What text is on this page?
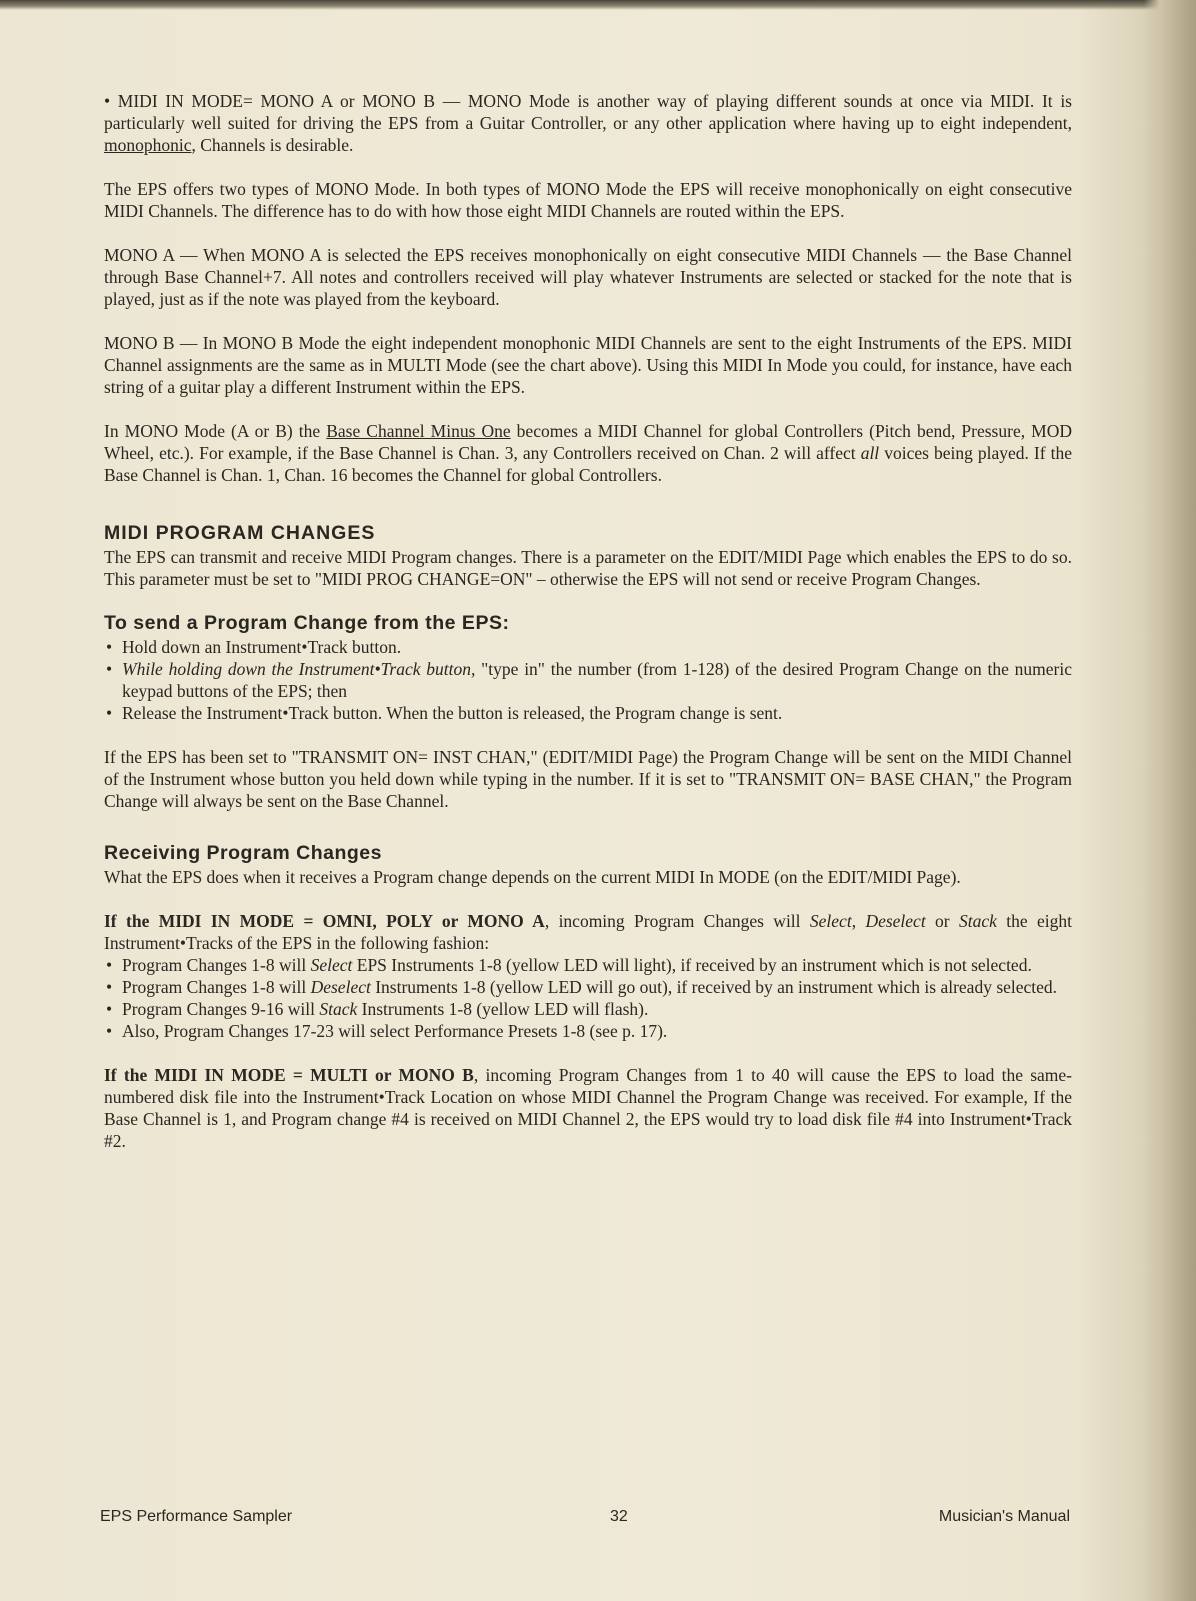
• MIDI IN MODE= MONO A or MONO B — MONO Mode is another way of playing different sounds at once via MIDI. It is particularly well suited for driving the EPS from a Guitar Controller, or any other application where having up to eight independent, monophonic, Channels is desirable.

The EPS offers two types of MONO Mode. In both types of MONO Mode the EPS will receive monophonically on eight consecutive MIDI Channels. The difference has to do with how those eight MIDI Channels are routed within the EPS.

MONO A — When MONO A is selected the EPS receives monophonically on eight consecutive MIDI Channels — the Base Channel through Base Channel+7. All notes and controllers received will play whatever Instruments are selected or stacked for the note that is played, just as if the note was played from the keyboard.

MONO B — In MONO B Mode the eight independent monophonic MIDI Channels are sent to the eight Instruments of the EPS. MIDI Channel assignments are the same as in MULTI Mode (see the chart above). Using this MIDI In Mode you could, for instance, have each string of a guitar play a different Instrument within the EPS.

In MONO Mode (A or B) the Base Channel Minus One becomes a MIDI Channel for global Controllers (Pitch bend, Pressure, MOD Wheel, etc.). For example, if the Base Channel is Chan. 3, any Controllers received on Chan. 2 will affect all voices being played. If the Base Channel is Chan. 1, Chan. 16 becomes the Channel for global Controllers.

MIDI PROGRAM CHANGES

The EPS can transmit and receive MIDI Program changes. There is a parameter on the EDIT/MIDI Page which enables the EPS to do so. This parameter must be set to "MIDI PROG CHANGE=ON" – otherwise the EPS will not send or receive Program Changes.

To send a Program Change from the EPS:
• Hold down an Instrument•Track button.
• While holding down the Instrument•Track button, "type in" the number (from 1-128) of the desired Program Change on the numeric keypad buttons of the EPS; then
• Release the Instrument•Track button. When the button is released, the Program change is sent.

If the EPS has been set to "TRANSMIT ON= INST CHAN," (EDIT/MIDI Page) the Program Change will be sent on the MIDI Channel of the Instrument whose button you held down while typing in the number. If it is set to "TRANSMIT ON= BASE CHAN," the Program Change will always be sent on the Base Channel.

Receiving Program Changes

What the EPS does when it receives a Program change depends on the current MIDI In MODE (on the EDIT/MIDI Page).

If the MIDI IN MODE = OMNI, POLY or MONO A, incoming Program Changes will Select, Deselect or Stack the eight Instrument•Tracks of the EPS in the following fashion:

• Program Changes 1-8 will Select EPS Instruments 1-8 (yellow LED will light), if received by an instrument which is not selected.
• Program Changes 1-8 will Deselect Instruments 1-8 (yellow LED will go out), if received by an instrument which is already selected.
• Program Changes 9-16 will Stack Instruments 1-8 (yellow LED will flash).
• Also, Program Changes 17-23 will select Performance Presets 1-8 (see p. 17).

If the MIDI IN MODE = MULTI or MONO B, incoming Program Changes from 1 to 40 will cause the EPS to load the same-numbered disk file into the Instrument•Track Location on whose MIDI Channel the Program Change was received. For example, If the Base Channel is 1, and Program change #4 is received on MIDI Channel 2, the EPS would try to load disk file #4 into Instrument•Track #2.

EPS Performance Sampler	32	Musician's Manual
